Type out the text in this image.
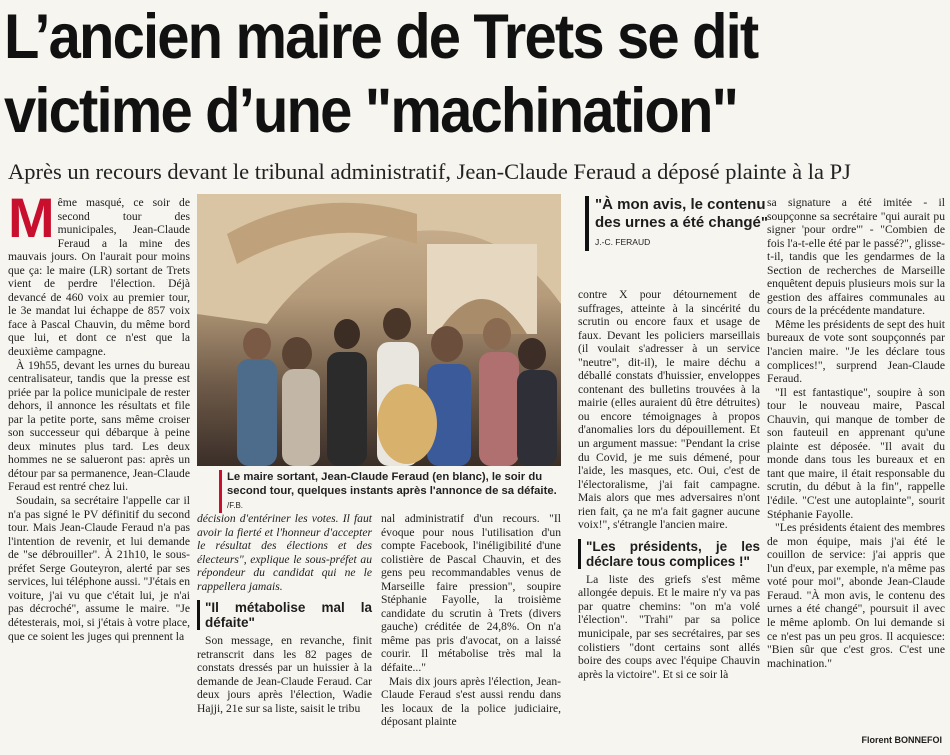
L’ancien maire de Trets se dit
victime d’une "machination"
Après un recours devant le tribunal administratif, Jean-Claude Feraud a déposé plainte à la PJ

Même masqué, ce soir de second tour des municipales, Jean-Claude Feraud a la mine des mauvais jours. On l'aurait pour moins que ça: le maire (LR) sortant de Trets vient de perdre l'élection. Déjà devancé de 460 voix au premier tour, le 3e mandat lui échappe de 857 voix face à Pascal Chauvin, du même bord que lui, et dont ce n'est que la deuxième campagne.

À 19h55, devant les urnes du bureau centralisateur, tandis que la presse est priée par la police municipale de rester dehors, il annonce les résultats et file par la petite porte, sans même croiser son successeur qui débarque à peine deux minutes plus tard. Les deux hommes ne se salueront pas: après un détour par sa permanence, Jean-Claude Feraud est rentré chez lui.

Soudain, sa secrétaire l'appelle car il n'a pas signé le PV définitif du second tour. Mais Jean-Claude Feraud n'a pas l'intention de revenir, et lui demande de "se débrouiller". À 21h10, le sous-préfet Serge Gouteyron, alerté par ses services, lui téléphone aussi. "J'étais en voiture, j'ai vu que c'était lui, je n'ai pas décroché", assume le maire. "Je détesterais, moi, si j'étais à votre place, que ce soient les juges qui prennent la

Le maire sortant, Jean-Claude Feraud (en blanc), le soir du second tour, quelques instants après l'annonce de sa défaite. /F.B.
"À mon avis, le contenu des urnes a été changé" J.-C. FERAUD

décision d'entériner les votes. Il faut avoir la fierté et l'honneur d'accepter le résultat des élections et des électeurs", explique le sous-préfet au répondeur du candidat qui ne le rappellera jamais.

"Il métabolise mal la défaite"

Son message, en revanche, finit retranscrit dans les 82 pages de constats dressés par un huissier à la demande de Jean-Claude Feraud. Car deux jours après l'élection, Wadie Hajji, 21e sur sa liste, saisit le tribu

nal administratif d'un recours. "Il évoque pour nous l'utilisation d'un compte Facebook, l'inéligibilité d'une colistière de Pascal Chauvin, et des gens peu recommandables venus de Marseille faire pression", soupire Stéphanie Fayolle, la troisième candidate du scrutin à Trets (divers gauche) créditée de 24,8%. On n'a même pas pris d'avocat, on a laissé courir. Il métabolise très mal la défaite..."

Mais dix jours après l'élection, Jean-Claude Feraud s'est aussi rendu dans les locaux de la police judiciaire, déposant plainte

contre X pour détournement de suffrages, atteinte à la sincérité du scrutin ou encore faux et usage de faux. Devant les policiers marseillais (il voulait s'adresser à un service "neutre", dit-il), le maire déchu a déballé constats d'huissier, enveloppes contenant des bulletins trouvées à la mairie (elles auraient dû être détruites) ou encore témoignages à propos d'anomalies lors du dépouillement. Et un argument massue: "Pendant la crise du Covid, je me suis démené, pour l'aide, les masques, etc. Oui, c'est de l'électoralisme, j'ai fait campagne. Mais alors que mes adversaires n'ont rien fait, ça ne m'a fait gagner aucune voix!", s'étrangle l'ancien maire.

"Les présidents, je les déclare tous complices !"

La liste des griefs s'est même allongée depuis. Et le maire n'y va pas par quatre chemins: "on m'a volé l'élection". "Trahi" par sa police municipale, par ses secrétaires, par ses colistiers "dont certains sont allés boire des coups avec l'équipe Chauvin après la victoire". Et si ce soir là

sa signature a été imitée - il soupçonne sa secrétaire "qui aurait pu signer 'pour ordre'" - "Combien de fois l'a-t-elle été par le passé?", glisse-t-il, tandis que les gendarmes de la Section de recherches de Marseille enquêtent depuis plusieurs mois sur la gestion des affaires communales au cours de la précédente mandature.

Même les présidents de sept des huit bureaux de vote sont soupçonnés par l'ancien maire. "Je les déclare tous complices!", surprend Jean-Claude Feraud.

"Il est fantastique", soupire à son tour le nouveau maire, Pascal Chauvin, qui manque de tomber de son fauteuil en apprenant qu'une plainte est déposée. "Il avait du monde dans tous les bureaux et en tant que maire, il était responsable du scrutin, du début à la fin", rappelle l'édile. "C'est une autoplainte", sourit Stéphanie Fayolle.

"Les présidents étaient des membres de mon équipe, mais j'ai été le couillon de service: j'ai appris que l'un d'eux, par exemple, n'a même pas voté pour moi", abonde Jean-Claude Feraud. "À mon avis, le contenu des urnes a été changé", poursuit il avec le même aplomb. On lui demande si ce n'est pas un peu gros. Il acquiesce: "Bien sûr que c'est gros. C'est une machination."

Florent BONNEFOI
